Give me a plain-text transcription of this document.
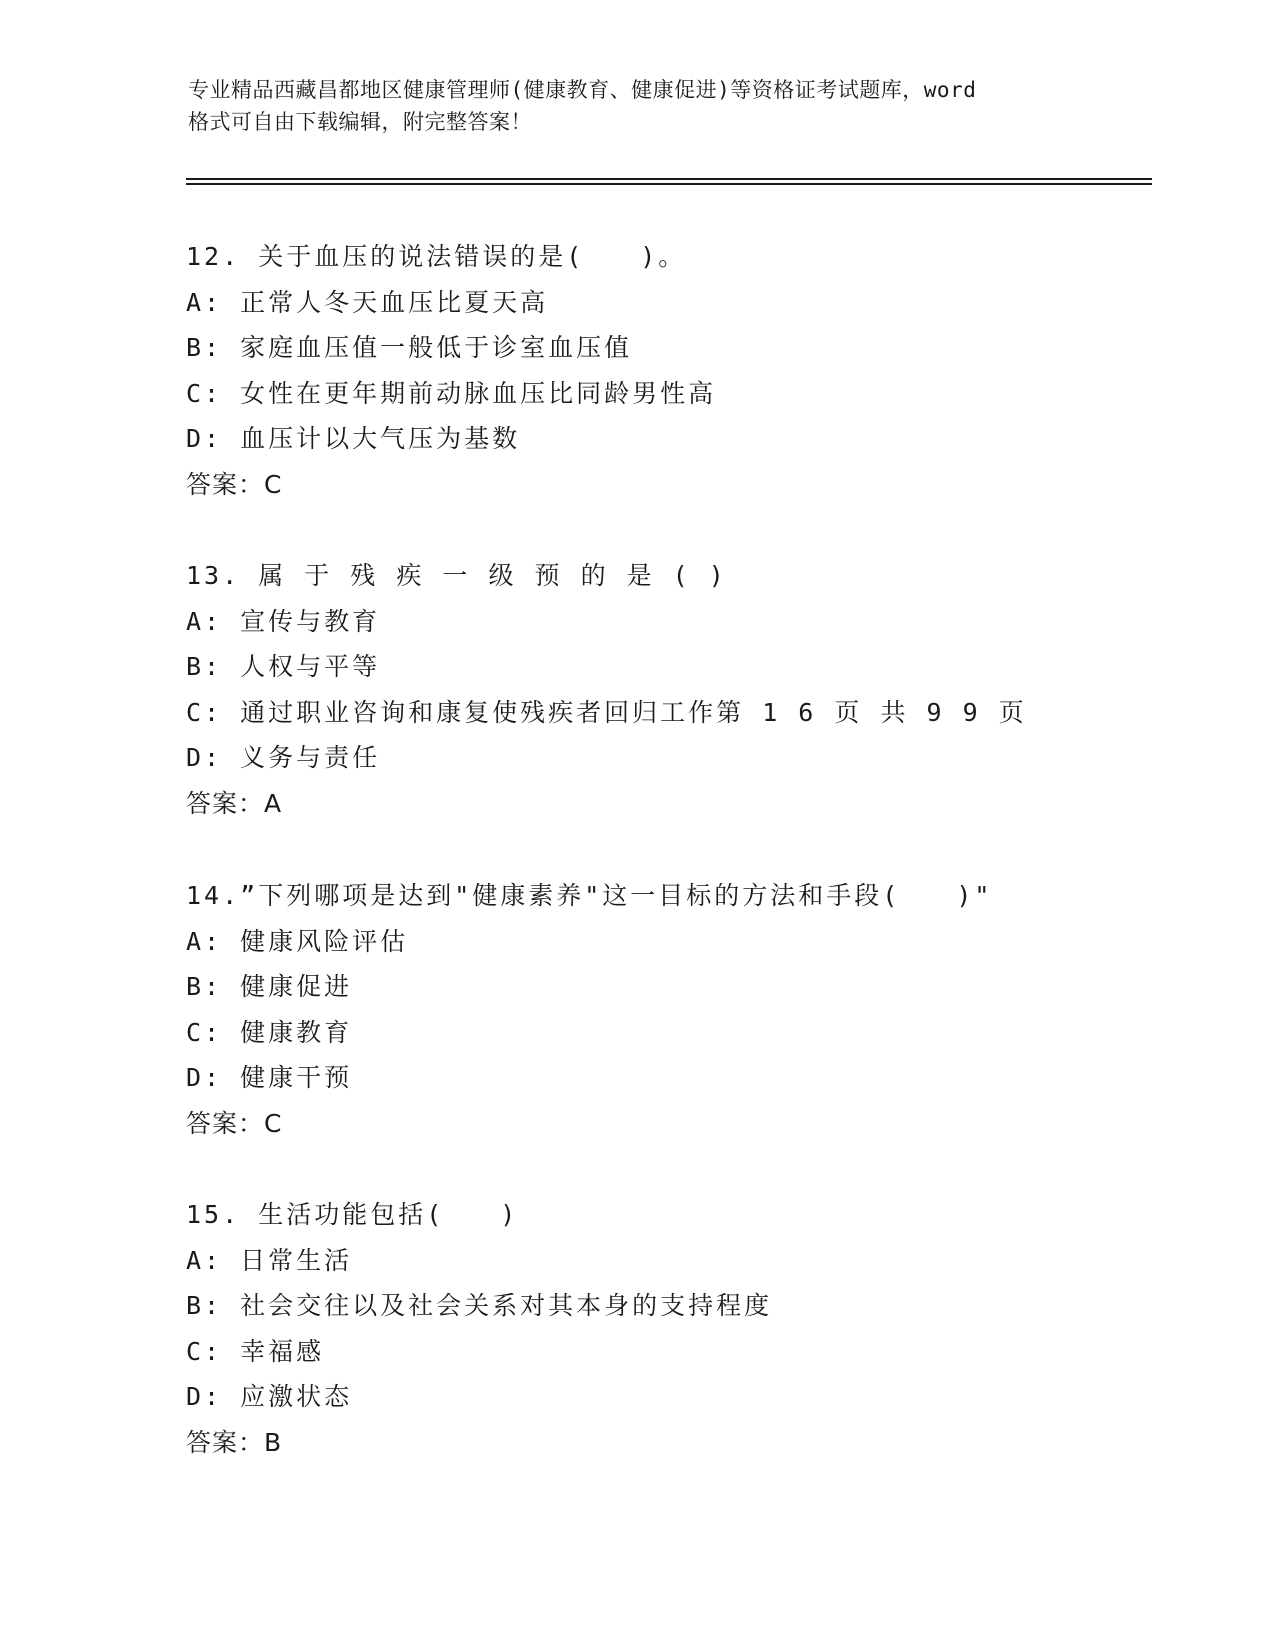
专业精品西藏昌都地区健康管理师(健康教育、健康促进)等资格证考试题库，word
格式可自由下载编辑，附完整答案！
12. 关于血压的说法错误的是(　　)。
A: 正常人冬天血压比夏天高
B: 家庭血压值一般低于诊室血压值
C: 女性在更年期前动脉血压比同龄男性高
D: 血压计以大气压为基数
答案：C
13. 属 于 残 疾 一 级 预 的 是 ( )
A: 宣传与教育
B: 人权与平等
C: 通过职业咨询和康复使残疾者回归工作第 1 6 页 共 9 9 页
D: 义务与责任
答案：A
14.”下列哪项是达到"健康素养"这一目标的方法和手段(　　)"
A: 健康风险评估
B: 健康促进
C: 健康教育
D: 健康干预
答案：C
15. 生活功能包括(　　)
A: 日常生活
B: 社会交往以及社会关系对其本身的支持程度
C: 幸福感
D: 应激状态
答案：B
